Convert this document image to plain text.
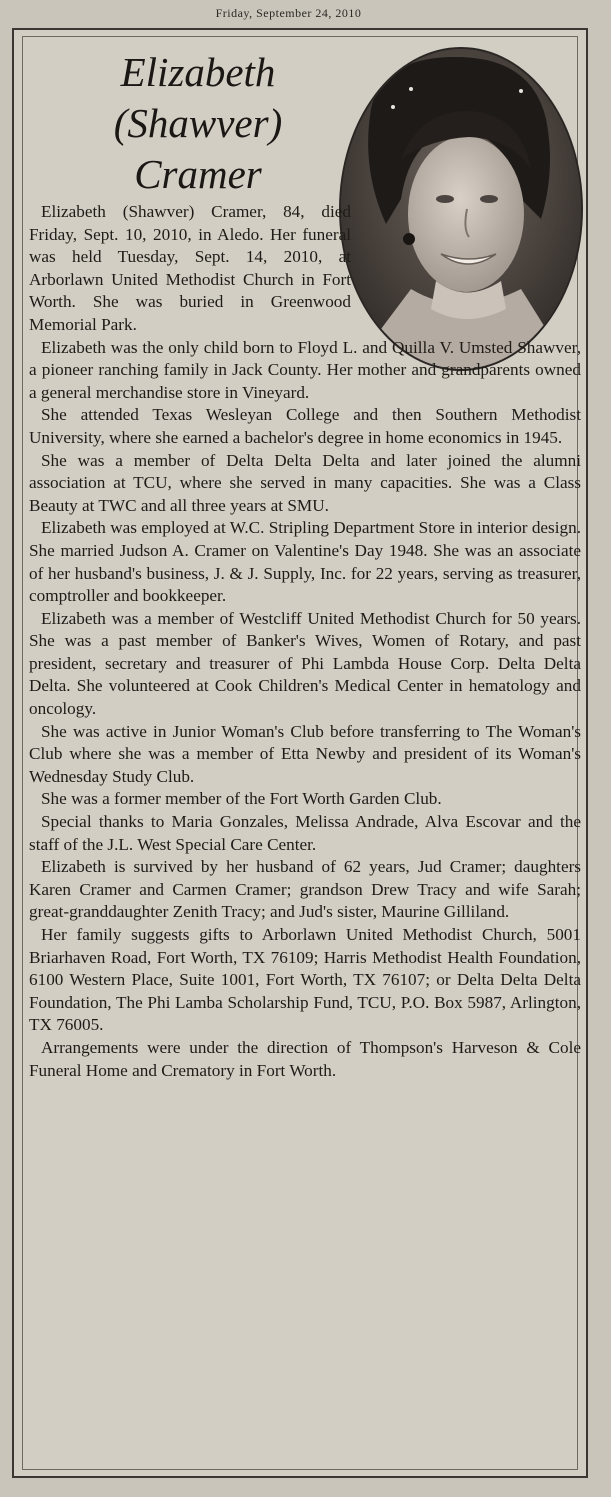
Friday, September 24, 2010
Elizabeth
(Shawver)
Cramer

Elizabeth (Shawver) Cramer, 84, died Friday, Sept. 10, 2010, in Aledo. Her funeral was held Tuesday, Sept. 14, 2010, at Arborlawn United Methodist Church in Fort Worth. She was buried in Greenwood Memorial Park.

Elizabeth was the only child born to Floyd L. and Quilla V. Umsted Shawver, a pioneer ranching family in Jack County. Her mother and grandparents owned a general merchandise store in Vineyard.

She attended Texas Wesleyan College and then Southern Methodist University, where she earned a bachelor's degree in home economics in 1945.

She was a member of Delta Delta Delta and later joined the alumni association at TCU, where she served in many capacities. She was a Class Beauty at TWC and all three years at SMU.

Elizabeth was employed at W.C. Stripling Department Store in interior design. She married Judson A. Cramer on Valentine's Day 1948. She was an associate of her husband's business, J. & J. Supply, Inc. for 22 years, serving as treasurer, comptroller and bookkeeper.

Elizabeth was a member of Westcliff United Methodist Church for 50 years. She was a past member of Banker's Wives, Women of Rotary, and past president, secretary and treasurer of Phi Lambda House Corp. Delta Delta Delta. She volunteered at Cook Children's Medical Center in hematology and oncology.

She was active in Junior Woman's Club before transferring to The Woman's Club where she was a member of Etta Newby and president of its Woman's Wednesday Study Club.

She was a former member of the Fort Worth Garden Club.

Special thanks to Maria Gonzales, Melissa Andrade, Alva Escovar and the staff of the J.L. West Special Care Center.

Elizabeth is survived by her husband of 62 years, Jud Cramer; daughters Karen Cramer and Carmen Cramer; grandson Drew Tracy and wife Sarah; great-granddaughter Zenith Tracy; and Jud's sister, Maurine Gilliland.

Her family suggests gifts to Arborlawn United Methodist Church, 5001 Briarhaven Road, Fort Worth, TX 76109; Harris Methodist Health Foundation, 6100 Western Place, Suite 1001, Fort Worth, TX 76107; or Delta Delta Delta Foundation, The Phi Lamba Scholarship Fund, TCU, P.O. Box 5987, Arlington, TX 76005.

Arrangements were under the direction of Thompson's Harveson & Cole Funeral Home and Crematory in Fort Worth.
